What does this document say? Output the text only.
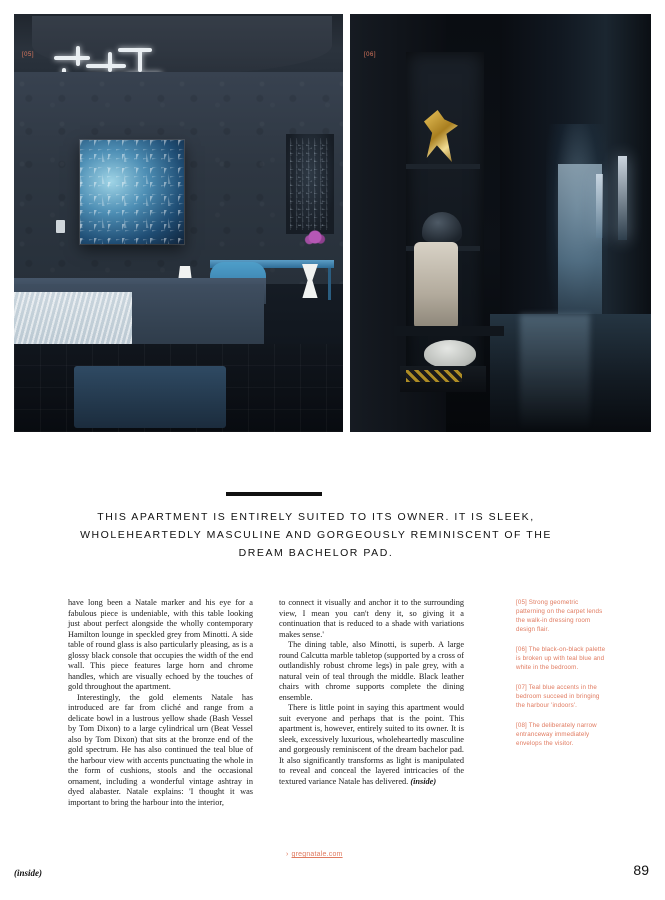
[05]	[06]
THIS APARTMENT IS ENTIRELY SUITED TO ITS OWNER. IT IS SLEEK, WHOLEHEARTEDLY MASCULINE AND GORGEOUSLY REMINISCENT OF THE DREAM BACHELOR PAD.

have long been a Natale marker and his eye for a fabulous piece is undeniable, with this table looking just about perfect alongside the wholly contemporary Hamilton lounge in speckled grey from Minotti. A side table of round glass is also particularly pleasing, as is a glossy black console that occupies the width of the end wall. This piece features large horn and chrome handles, which are visually echoed by the touches of gold throughout the apartment.

Interestingly, the gold elements Natale has introduced are far from cliché and range from a delicate bowl in a lustrous yellow shade (Bash Vessel by Tom Dixon) to a large cylindrical urn (Beat Vessel also by Tom Dixon) that sits at the bronze end of the gold spectrum. He has also continued the teal blue of the harbour view with accents punctuating the whole in the form of cushions, stools and the occasional ornament, including a wonderful vintage ashtray in dyed alabaster. Natale explains: 'I thought it was important to bring the harbour into the interior,

to connect it visually and anchor it to the surrounding view, I mean you can't deny it, so giving it a continuation that is reduced to a shade with variations makes sense.'

The dining table, also Minotti, is superb. A large round Calcutta marble tabletop (supported by a cross of outlandishly robust chrome legs) in pale grey, with a natural vein of teal through the middle. Black leather chairs with chrome supports complete the dining ensemble.

There is little point in saying this apartment would suit everyone and perhaps that is the point. This apartment is, however, entirely suited to its owner. It is sleek, excessively luxurious, wholeheartedly masculine and gorgeously reminiscent of the dream bachelor pad. It also significantly transforms as light is manipulated to reveal and conceal the layered intricacies of the textured variance Natale has delivered. (inside)

› gregnatale.com
[05] Strong geometric patterning on the carpet lends the walk-in dressing room design flair.
[06] The black-on-black palette is broken up with teal blue and white in the bedroom.
[07] Teal blue accents in the bedroom succeed in bringing the harbour 'indoors'.
[08] The deliberately narrow entranceway immediately envelops the visitor.
(inside)	89
